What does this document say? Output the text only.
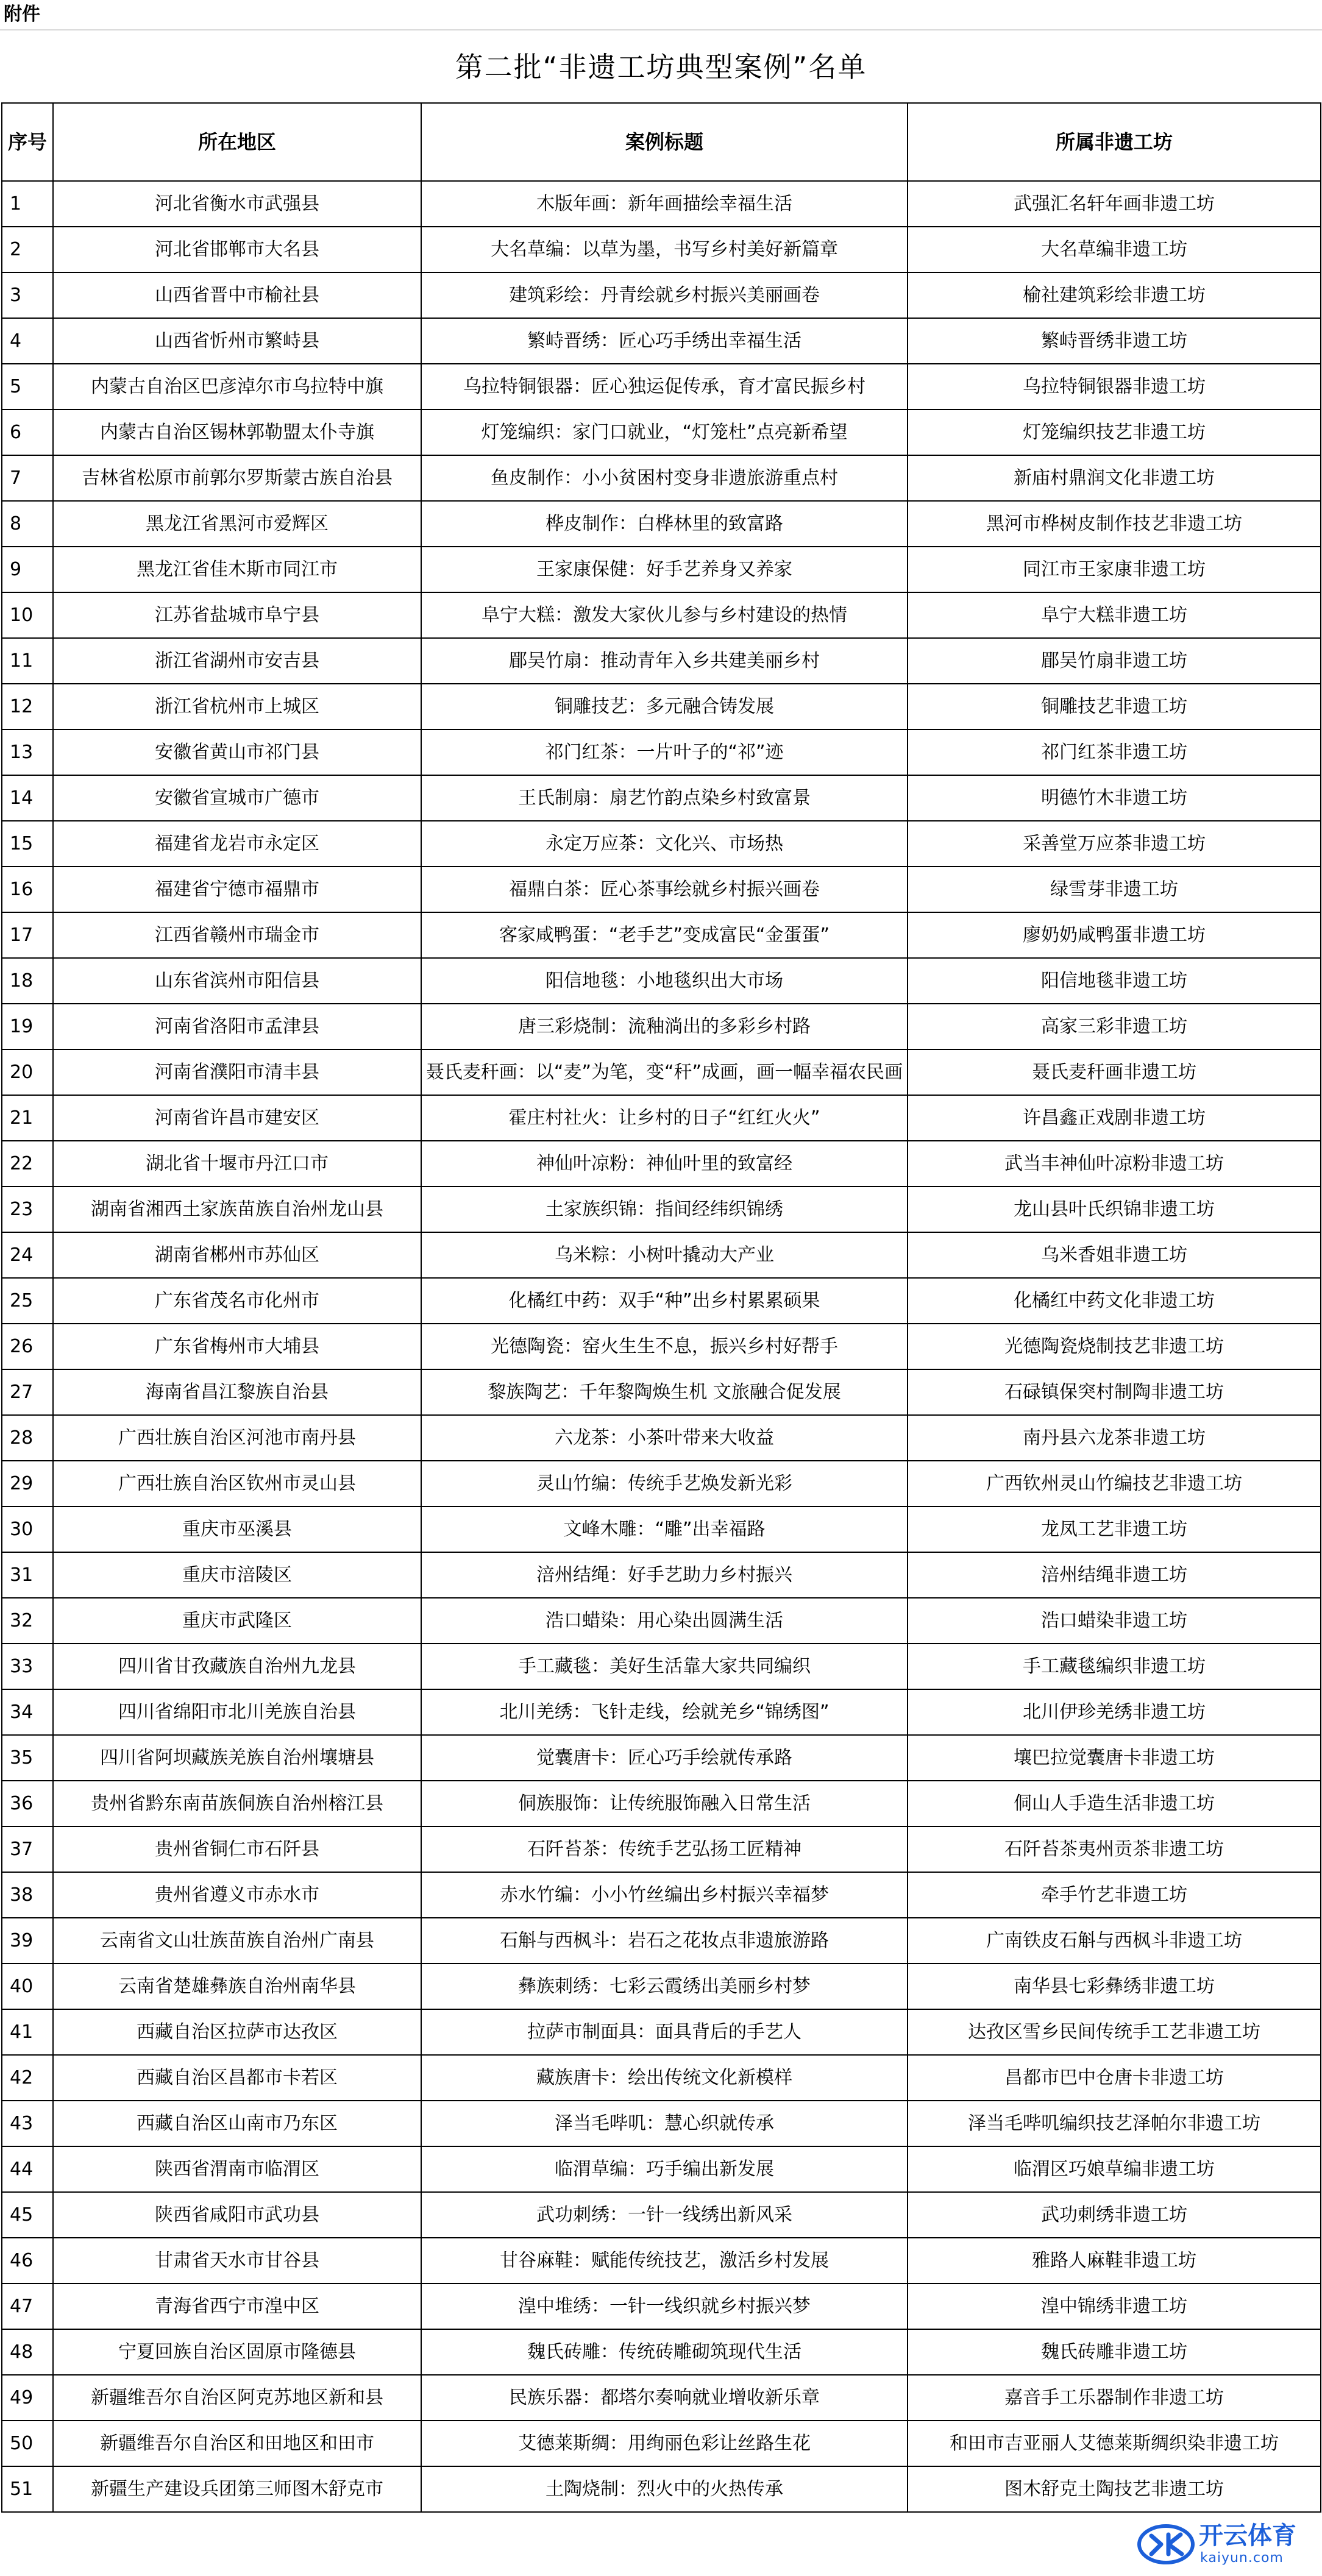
附件
第二批“非遗工坊典型案例”名单
序号	所在地区	案例标题	所属非遗工坊
1	河北省衡水市武强县	木版年画：新年画描绘幸福生活	武强汇名轩年画非遗工坊
2	河北省邯郸市大名县	大名草编：以草为墨，书写乡村美好新篇章	大名草编非遗工坊
3	山西省晋中市榆社县	建筑彩绘：丹青绘就乡村振兴美丽画卷	榆社建筑彩绘非遗工坊
4	山西省忻州市繁峙县	繁峙晋绣：匠心巧手绣出幸福生活	繁峙晋绣非遗工坊
5	内蒙古自治区巴彦淖尔市乌拉特中旗	乌拉特铜银器：匠心独运促传承，育才富民振乡村	乌拉特铜银器非遗工坊
6	内蒙古自治区锡林郭勒盟太仆寺旗	灯笼编织：家门口就业，“灯笼杜”点亮新希望	灯笼编织技艺非遗工坊
7	吉林省松原市前郭尔罗斯蒙古族自治县	鱼皮制作：小小贫困村变身非遗旅游重点村	新庙村鼎润文化非遗工坊
8	黑龙江省黑河市爱辉区	桦皮制作：白桦林里的致富路	黑河市桦树皮制作技艺非遗工坊
9	黑龙江省佳木斯市同江市	王家康保健：好手艺养身又养家	同江市王家康非遗工坊
10	江苏省盐城市阜宁县	阜宁大糕：激发大家伙儿参与乡村建设的热情	阜宁大糕非遗工坊
11	浙江省湖州市安吉县	郿吴竹扇：推动青年入乡共建美丽乡村	郿吴竹扇非遗工坊
12	浙江省杭州市上城区	铜雕技艺：多元融合铸发展	铜雕技艺非遗工坊
13	安徽省黄山市祁门县	祁门红茶：一片叶子的“祁”迹	祁门红茶非遗工坊
14	安徽省宣城市广德市	王氏制扇：扇艺竹韵点染乡村致富景	明德竹木非遗工坊
15	福建省龙岩市永定区	永定万应茶：文化兴、市场热	采善堂万应茶非遗工坊
16	福建省宁德市福鼎市	福鼎白茶：匠心茶事绘就乡村振兴画卷	绿雪芽非遗工坊
17	江西省赣州市瑞金市	客家咸鸭蛋：“老手艺”变成富民“金蛋蛋”	廖奶奶咸鸭蛋非遗工坊
18	山东省滨州市阳信县	阳信地毯：小地毯织出大市场	阳信地毯非遗工坊
19	河南省洛阳市孟津县	唐三彩烧制：流釉淌出的多彩乡村路	高家三彩非遗工坊
20	河南省濮阳市清丰县	聂氏麦秆画：以“麦”为笔，变“秆”成画，画一幅幸福农民画	聂氏麦秆画非遗工坊
21	河南省许昌市建安区	霍庄村社火：让乡村的日子“红红火火”	许昌鑫正戏剧非遗工坊
22	湖北省十堰市丹江口市	神仙叶凉粉：神仙叶里的致富经	武当丰神仙叶凉粉非遗工坊
23	湖南省湘西土家族苗族自治州龙山县	土家族织锦：指间经纬织锦绣	龙山县叶氏织锦非遗工坊
24	湖南省郴州市苏仙区	乌米粽：小树叶撬动大产业	乌米香姐非遗工坊
25	广东省茂名市化州市	化橘红中药：双手“种”出乡村累累硕果	化橘红中药文化非遗工坊
26	广东省梅州市大埔县	光德陶瓷：窑火生生不息，振兴乡村好帮手	光德陶瓷烧制技艺非遗工坊
27	海南省昌江黎族自治县	黎族陶艺：千年黎陶焕生机 文旅融合促发展	石碌镇保突村制陶非遗工坊
28	广西壮族自治区河池市南丹县	六龙茶：小茶叶带来大收益	南丹县六龙茶非遗工坊
29	广西壮族自治区钦州市灵山县	灵山竹编：传统手艺焕发新光彩	广西钦州灵山竹编技艺非遗工坊
30	重庆市巫溪县	文峰木雕：“雕”出幸福路	龙凤工艺非遗工坊
31	重庆市涪陵区	涪州结绳：好手艺助力乡村振兴	涪州结绳非遗工坊
32	重庆市武隆区	浩口蜡染：用心染出圆满生活	浩口蜡染非遗工坊
33	四川省甘孜藏族自治州九龙县	手工藏毯：美好生活靠大家共同编织	手工藏毯编织非遗工坊
34	四川省绵阳市北川羌族自治县	北川羌绣：飞针走线，绘就羌乡“锦绣图”	北川伊珍羌绣非遗工坊
35	四川省阿坝藏族羌族自治州壤塘县	觉囊唐卡：匠心巧手绘就传承路	壤巴拉觉囊唐卡非遗工坊
36	贵州省黔东南苗族侗族自治州榕江县	侗族服饰：让传统服饰融入日常生活	侗山人手造生活非遗工坊
37	贵州省铜仁市石阡县	石阡苔茶：传统手艺弘扬工匠精神	石阡苔茶夷州贡茶非遗工坊
38	贵州省遵义市赤水市	赤水竹编：小小竹丝编出乡村振兴幸福梦	牵手竹艺非遗工坊
39	云南省文山壮族苗族自治州广南县	石斛与西枫斗：岩石之花妆点非遗旅游路	广南铁皮石斛与西枫斗非遗工坊
40	云南省楚雄彝族自治州南华县	彝族刺绣：七彩云霞绣出美丽乡村梦	南华县七彩彝绣非遗工坊
41	西藏自治区拉萨市达孜区	拉萨市制面具：面具背后的手艺人	达孜区雪乡民间传统手工艺非遗工坊
42	西藏自治区昌都市卡若区	藏族唐卡：绘出传统文化新模样	昌都市巴中仓唐卡非遗工坊
43	西藏自治区山南市乃东区	泽当毛哔叽：慧心织就传承	泽当毛哔叽编织技艺泽帕尔非遗工坊
44	陕西省渭南市临渭区	临渭草编：巧手编出新发展	临渭区巧娘草编非遗工坊
45	陕西省咸阳市武功县	武功刺绣：一针一线绣出新风采	武功刺绣非遗工坊
46	甘肃省天水市甘谷县	甘谷麻鞋：赋能传统技艺，激活乡村发展	雅路人麻鞋非遗工坊
47	青海省西宁市湟中区	湟中堆绣：一针一线织就乡村振兴梦	湟中锦绣非遗工坊
48	宁夏回族自治区固原市隆德县	魏氏砖雕：传统砖雕砌筑现代生活	魏氏砖雕非遗工坊
49	新疆维吾尔自治区阿克苏地区新和县	民族乐器：都塔尔奏响就业增收新乐章	嘉音手工乐器制作非遗工坊
50	新疆维吾尔自治区和田地区和田市	艾德莱斯绸：用绚丽色彩让丝路生花	和田市吉亚丽人艾德莱斯绸织染非遗工坊
51	新疆生产建设兵团第三师图木舒克市	土陶烧制：烈火中的火热传承	图木舒克土陶技艺非遗工坊
开云体育
kaiyun.com
